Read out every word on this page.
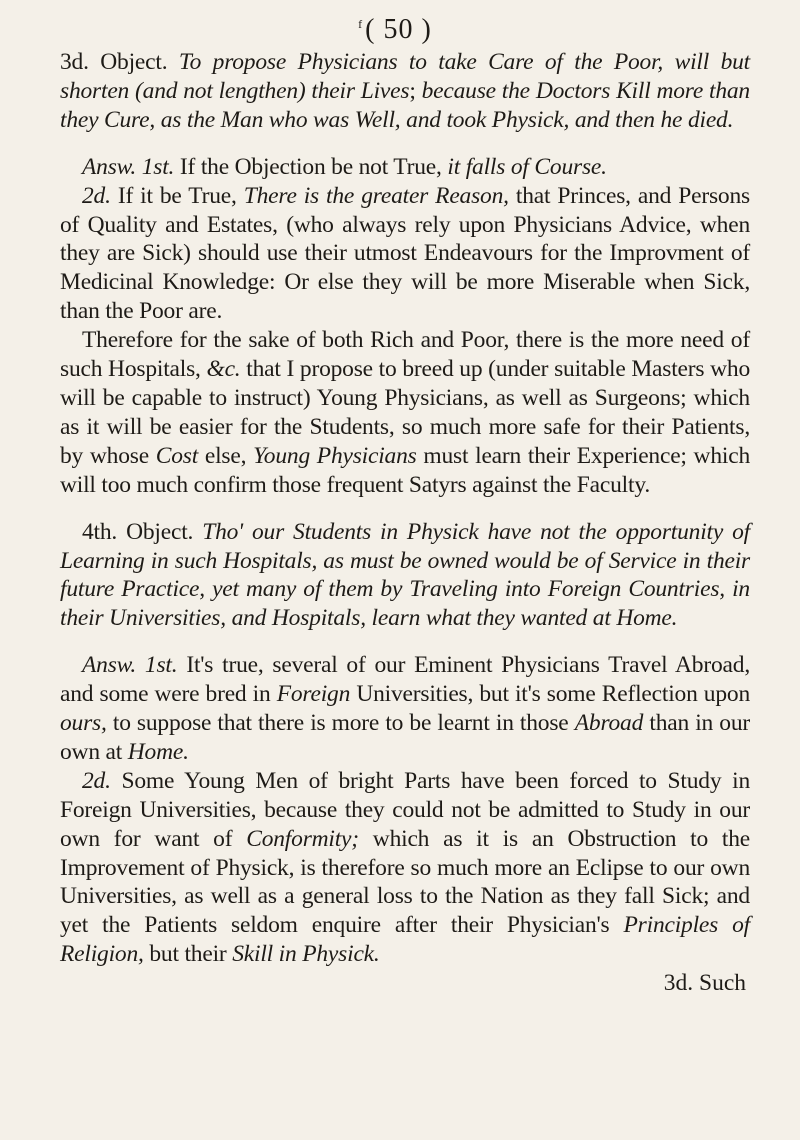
$^f$( 50 )

3d. Object. To propose Physicians to take Care of the Poor, will but shorten (and not lengthen) their Lives; because the Doctors Kill more than they Cure, as the Man who was Well, and took Physick, and then he died.

Answ. 1st. If the Objection be not True, it falls of Course.

2d. If it be True, There is the greater Reason, that Princes, and Persons of Quality and Estates, (who always rely upon Physicians Advice, when they are Sick) should use their utmost Endeavours for the Improvment of Medicinal Knowledge: Or else they will be more Miserable when Sick, than the Poor are.

Therefore for the sake of both Rich and Poor, there is the more need of such Hospitals, &c. that I propose to breed up (under suitable Masters who will be capable to instruct) Young Physicians, as well as Surgeons; which as it will be easier for the Students, so much more safe for their Patients, by whose Cost else, Young Physicians must learn their Experience; which will too much confirm those frequent Satyrs against the Faculty.

4th. Object. Tho' our Students in Physick have not the opportunity of Learning in such Hospitals, as must be owned would be of Service in their future Practice, yet many of them by Traveling into Foreign Countries, in their Universities, and Hospitals, learn what they wanted at Home.

Answ. 1st. It's true, several of our Eminent Physicians Travel Abroad, and some were bred in Foreign Universities, but it's some Reflection upon ours, to suppose that there is more to be learnt in those Abroad than in our own at Home.

2d. Some Young Men of bright Parts have been forced to Study in Foreign Universities, because they could not be admitted to Study in our own for want of Conformity; which as it is an Obstruction to the Improvement of Physick, is therefore so much more an Eclipse to our own Universities, as well as a general loss to the Nation as they fall Sick; and yet the Patients seldom enquire after their Physician's Principles of Religion, but their Skill in Physick.

3d. Such
